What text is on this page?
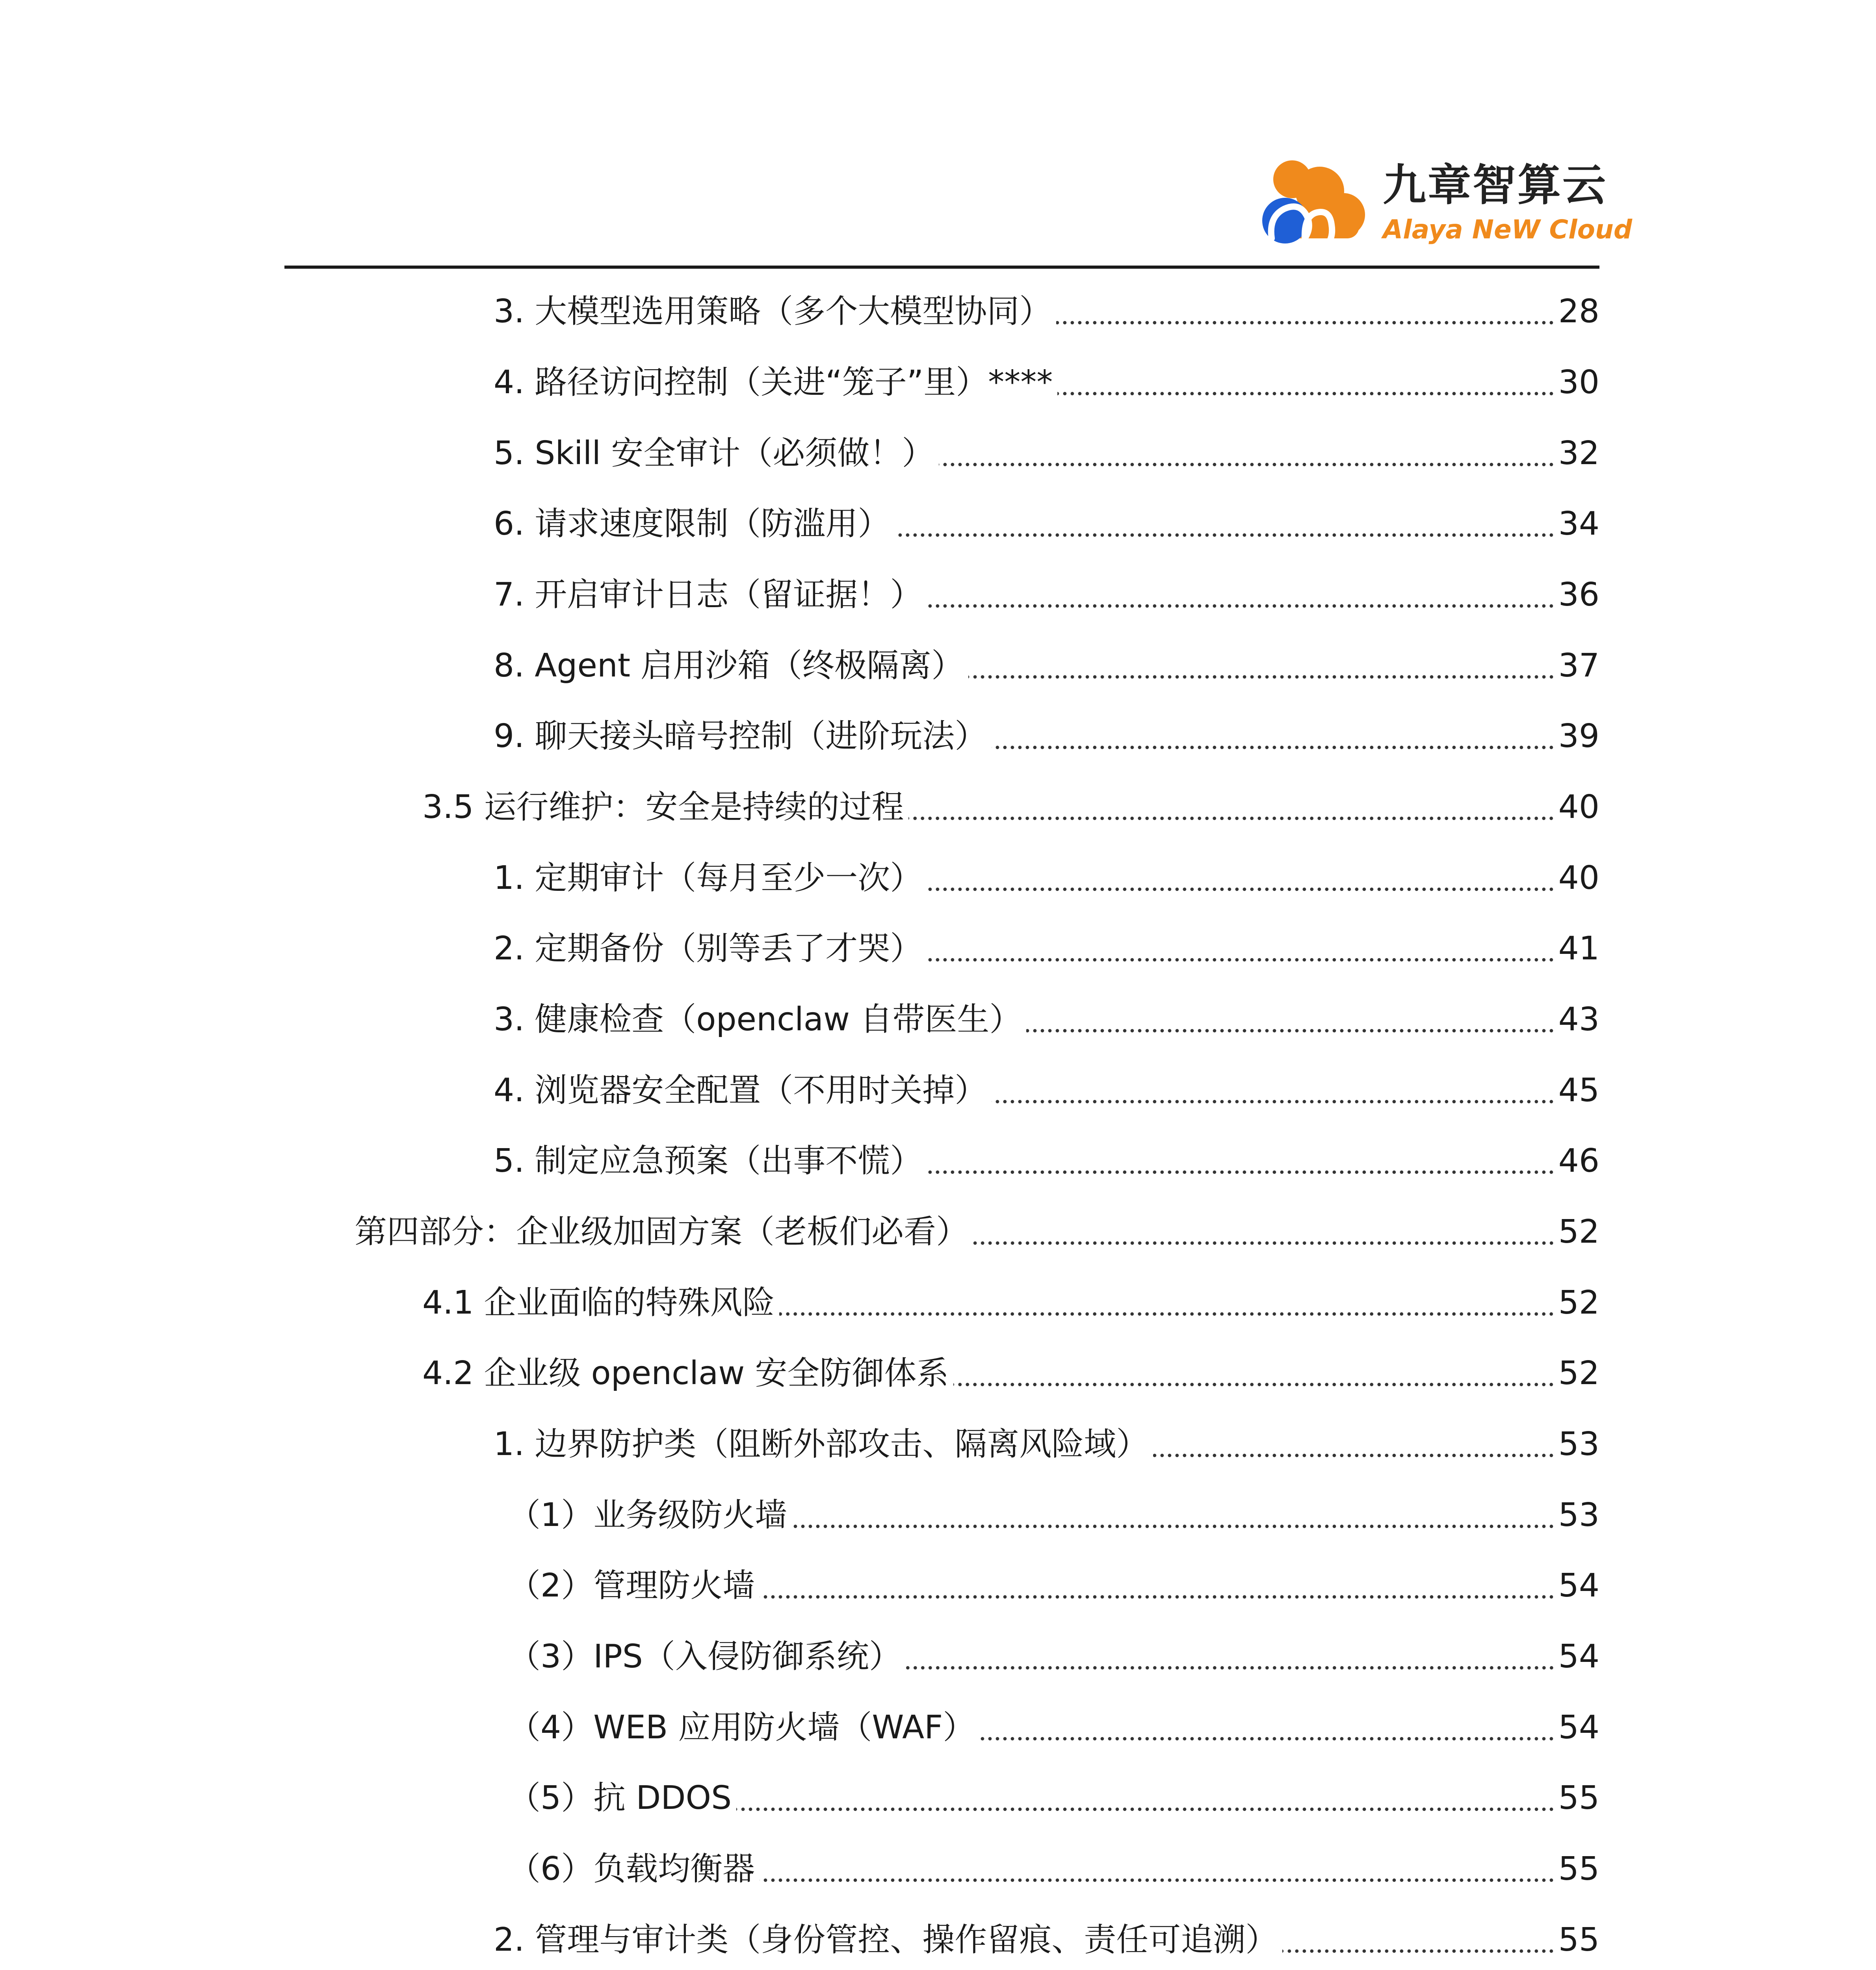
九章智算云
Alaya NeW Cloud
3. 大模型选用策略（多个大模型协同）	28
4. 路径访问控制（关进“笼子”里）****	30
5. Skill 安全审计（必须做！）	32
6. 请求速度限制（防滥用）	34
7. 开启审计日志（留证据！）	36
8. Agent 启用沙箱（终极隔离）	37
9. 聊天接头暗号控制（进阶玩法）	39
3.5 运行维护：安全是持续的过程	40
1. 定期审计（每月至少一次）	40
2. 定期备份（别等丢了才哭）	41
3. 健康检查（openclaw 自带医生）	43
4. 浏览器安全配置（不用时关掉）	45
5. 制定应急预案（出事不慌）	46
第四部分：企业级加固方案（老板们必看）	52
4.1 企业面临的特殊风险	52
4.2 企业级 openclaw 安全防御体系	52
1. 边界防护类（阻断外部攻击、隔离风险域）	53
（1）业务级防火墙	53
（2）管理防火墙	54
（3）IPS（入侵防御系统）	54
（4）WEB 应用防火墙（WAF）	54
（5）抗 DDOS	55
（6）负载均衡器	55
2. 管理与审计类（身份管控、操作留痕、责任可追溯）	55
